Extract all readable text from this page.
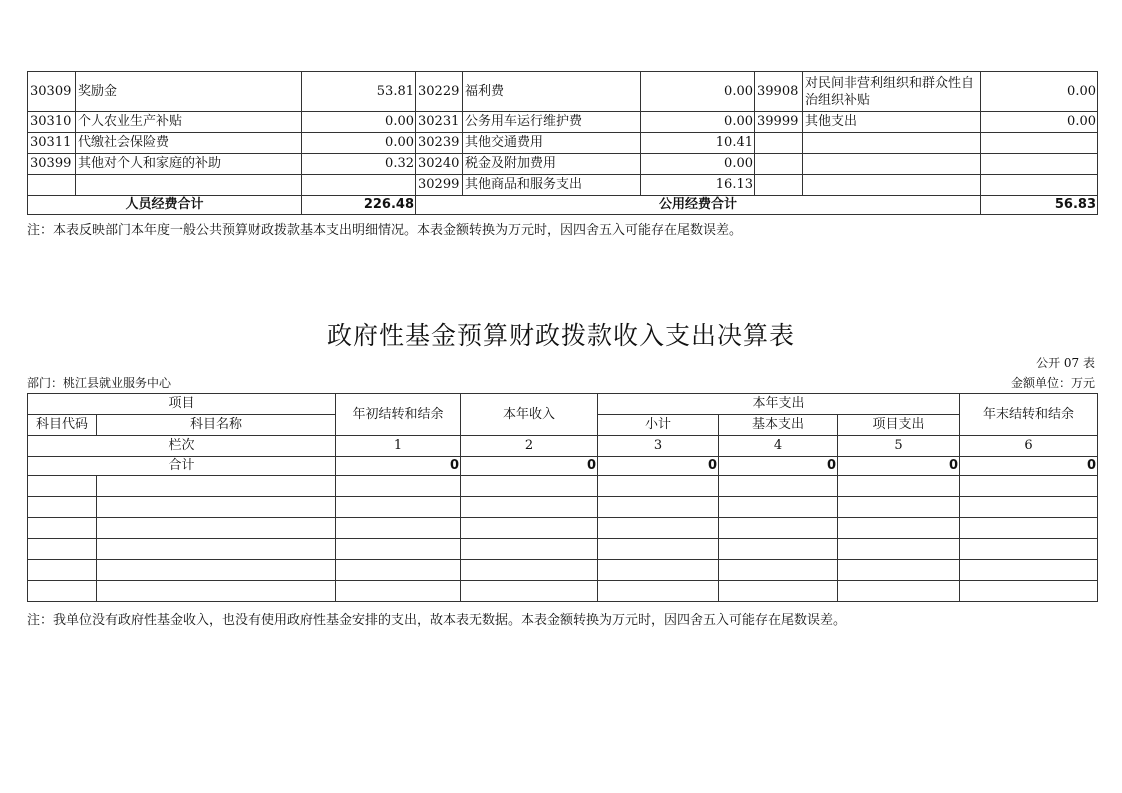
30309	奖励金	53.81	30229	福利费	0.00	39908	对民间非营利组织和群众性自治组织补贴	0.00
30310	个人农业生产补贴	0.00	30231	公务用车运行维护费	0.00	39999	其他支出	0.00
30311	代缴社会保险费	0.00	30239	其他交通费用	10.41			
30399	其他对个人和家庭的补助	0.32	30240	税金及附加费用	0.00			
			30299	其他商品和服务支出	16.13			
人员经费合计		226.48	公用经费合计					56.83
注：本表反映部门本年度一般公共预算财政拨款基本支出明细情况。本表金额转换为万元时，因四舍五入可能存在尾数误差。
政府性基金预算财政拨款收入支出决算表
公开 07 表
部门：桃江县就业服务中心	金额单位：万元
项目		年初结转和结余	本年收入	本年支出			年末结转和结余
科目代码	科目名称			小计	基本支出	项目支出	
栏次		1	2	3	4	5	6
合计		0	0	0	0	0	0

注：我单位没有政府性基金收入，也没有使用政府性基金安排的支出，故本表无数据。本表金额转换为万元时，因四舍五入可能存在尾数误差。
